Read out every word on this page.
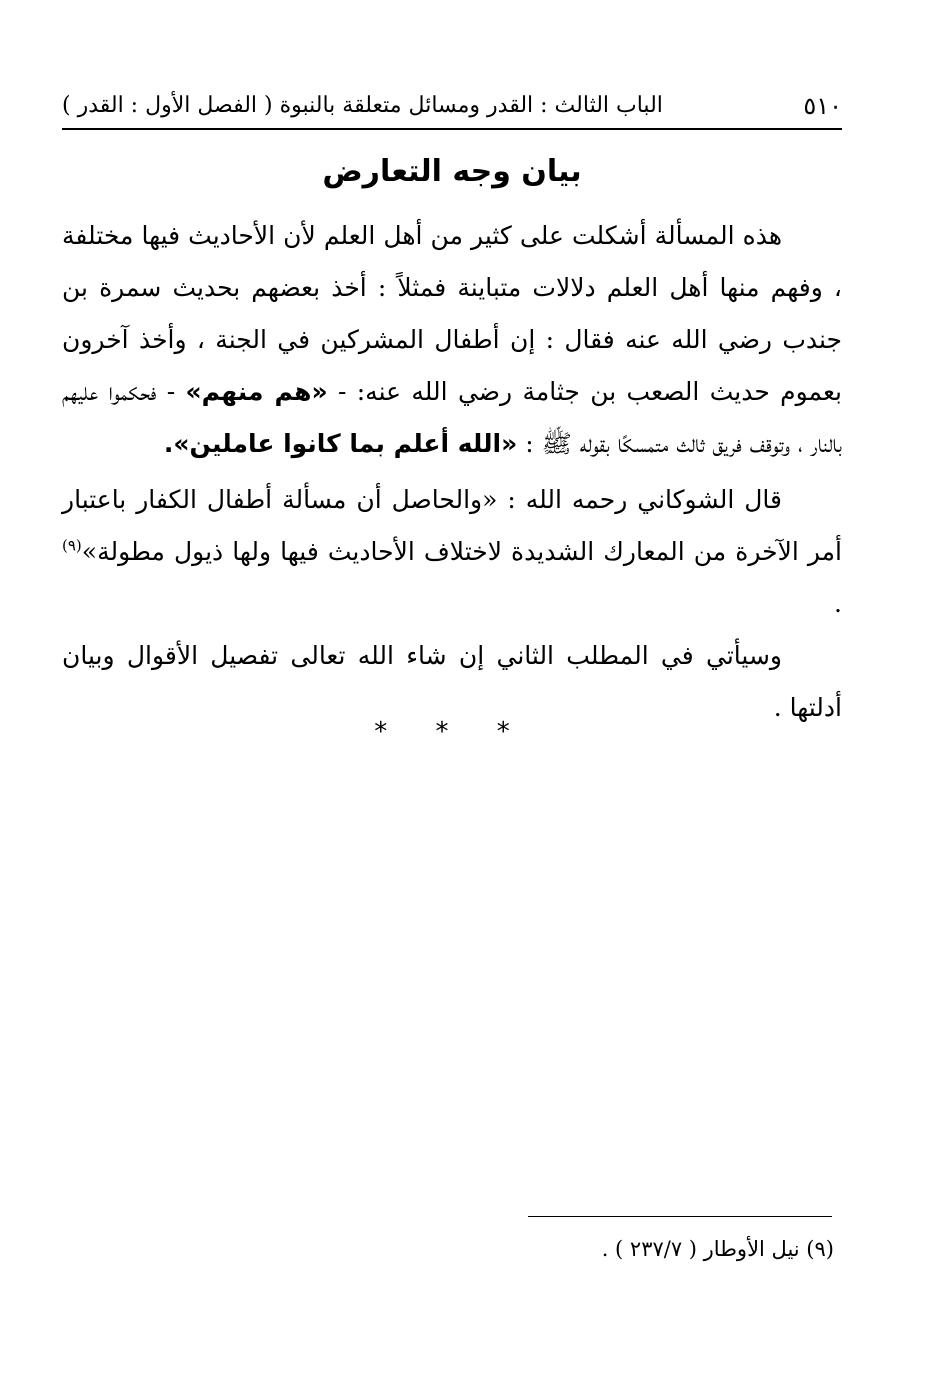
٥١٠
الباب الثالث : القدر ومسائل متعلقة بالنبوة ( الفصل الأول : القدر )
بيان وجه التعارض

هذه المسألة أشكلت على كثير من أهل العلم لأن الأحاديث فيها مختلفة ، وفهم منها أهل العلم دلالات متباينة فمثلاً : أخذ بعضهم بحديث سمرة بن جندب رضي الله عنه فقال : إن أطفال المشركين في الجنة ، وأخذ آخرون بعموم حديث الصعب بن جثامة رضي الله عنه: - «هم منهم» - فحكموا عليهم بالنار ، وتوقف فريق ثالث متمسكًا بقوله ﷺ : «الله أعلم بما كانوا عاملين».

قال الشوكاني رحمه الله : «والحاصل أن مسألة أطفال الكفار باعتبار أمر الآخرة من المعارك الشديدة لاختلاف الأحاديث فيها ولها ذيول مطولة»$^{(٩)}$ .

وسيأتي في المطلب الثاني إن شاء الله تعالى تفصيل الأقوال وبيان أدلتها .

* * *
(٩) نيل الأوطار ( ٢٣٧/٧ ) .
